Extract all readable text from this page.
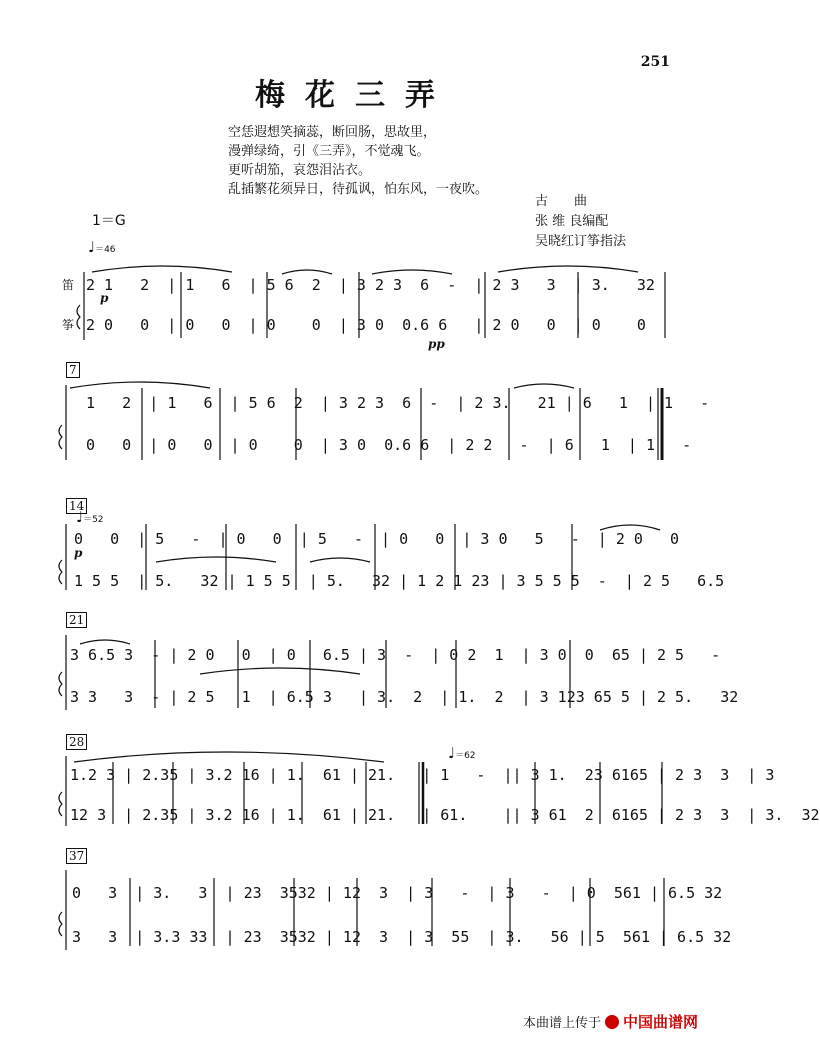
251
梅花三弄
空恁遐想笑摘蕊，断回肠，思故里，
漫弹绿绮，引《三弄》，不觉魂飞。
更听胡笳，哀怨泪沾衣。
乱插繁花须异日，待孤讽，怕东风，一夜吹。
古　　曲
张 维 良编配
吴晓红订筝指法
1＝G
♩＝46
♩＝52
♩＝62
笛
筝
7
14
21
28
37
2 1   2  | 1   6  | 5 6  2  | 3 2 3  6  -  | 2 3   3  | 3.   32
2 0   0  | 0   0  | 0    0  | 3 0  0.6 6   | 2 0   0  | 0    0
p
pp
1   2  | 1   6  | 5 6  2  | 3 2 3  6  -  | 2 3.   21 | 6   1  | 1   -
0   0  | 0   0  | 0    0  | 3 0  0.6 6  | 2 2   -  | 6   1  | 1   -
0   0  | 5   -  | 0   0  | 5   -  | 0   0  | 3 0   5   -  | 2 0   0
1 5 5  | 5.   32 | 1 5 5  | 5.   32 | 1 2 1 23 | 3 5 5 5  -  | 2 5   6.5
p
3 6.5 3  - | 2 0   0  | 0   6.5 | 3  -  | 0 2  1  | 3 0  0  65 | 2 5   -
3 3   3  - | 2 5   1  | 6.5 3   | 3.  2  | 1.  2  | 3 123 65 5 | 2 5.   32
1.2 3 | 2.35 | 3.2 16 | 1.  61 | 21.   | 1   -  || 3 1.  23 6165 | 2 3  3  | 3
12 3  | 2.35 | 3.2 16 | 1.  61 | 21.   | 61.    || 3 61  2  6165 | 2 3  3  | 3.  32
0   3  | 3.   3  | 23  3532 | 12  3  | 3   -  | 3   -  | 0  561 | 6.5 32
3   3  | 3.3 33  | 23  3532 | 12  3  | 3  55  | 3.   56 | 5  561 | 6.5 32
本曲谱上传于 中国曲谱网
